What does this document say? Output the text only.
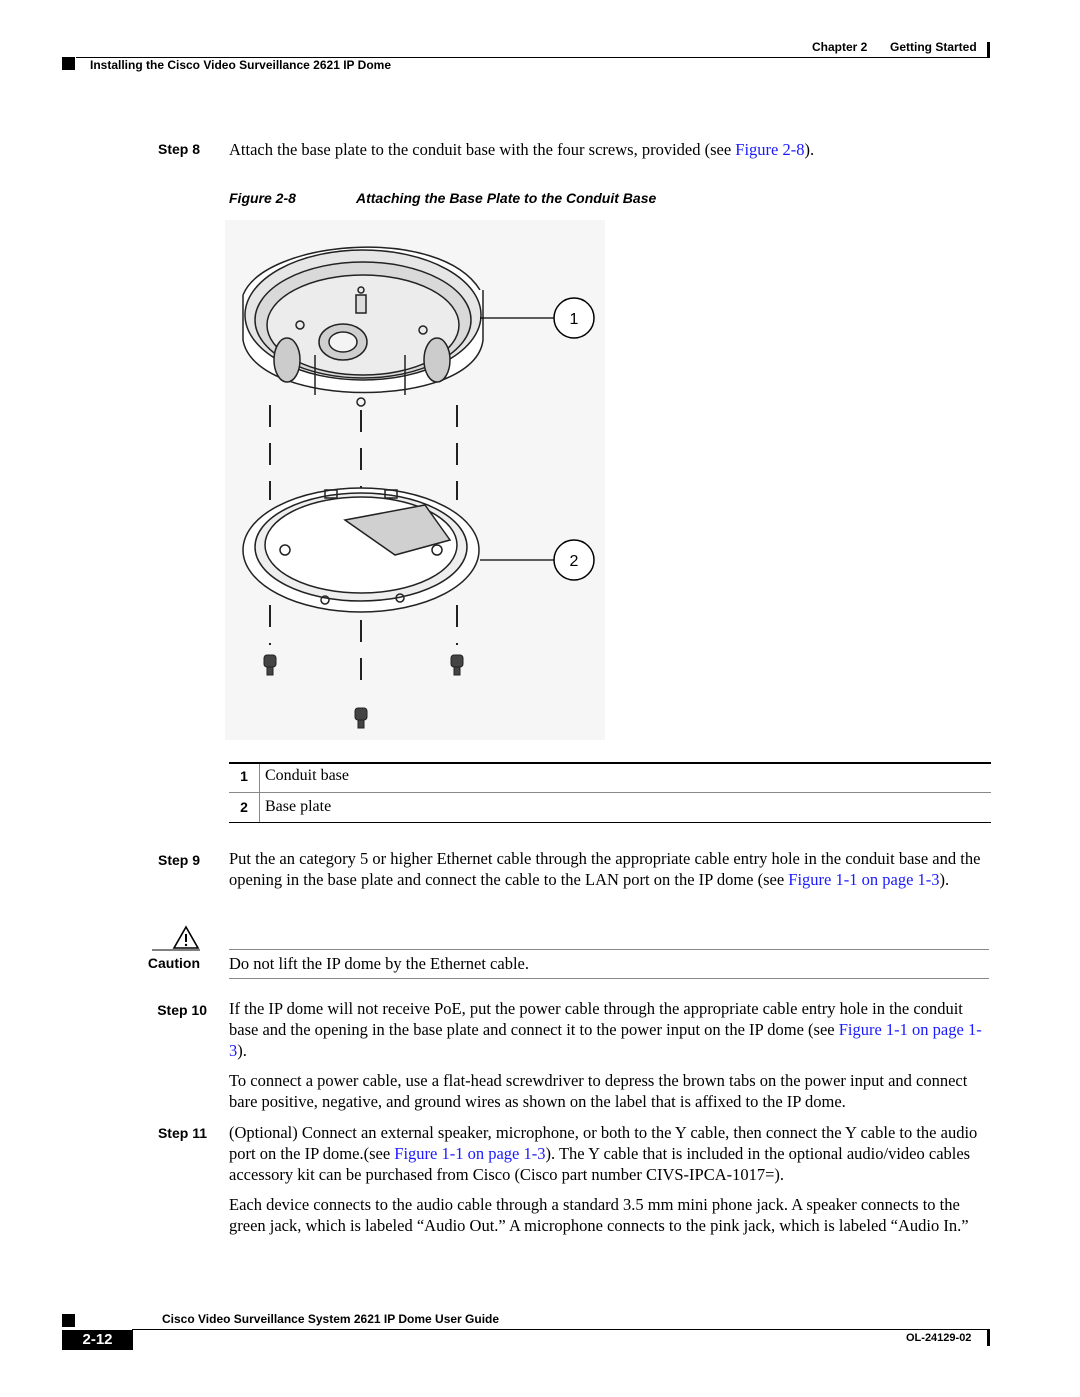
Chapter 2 Getting Started
Installing the Cisco Video Surveillance 2621 IP Dome
Step 8 Attach the base plate to the conduit base with the four screws, provided (see Figure 2-8).
Figure 2-8	Attaching the Base Plate to the Conduit Base
1
2
1	Conduit base
2	Base plate
Step 9 Put the an category 5 or higher Ethernet cable through the appropriate cable entry hole in the conduit base and the opening in the base plate and connect the cable to the LAN port on the IP dome (see Figure 1-1 on page 1-3).
Caution Do not lift the IP dome by the Ethernet cable.
Step 10 If the IP dome will not receive PoE, put the power cable through the appropriate cable entry hole in the conduit base and the opening in the base plate and connect it to the power input on the IP dome (see Figure 1-1 on page 1-3).
To connect a power cable, use a flat-head screwdriver to depress the brown tabs on the power input and connect bare positive, negative, and ground wires as shown on the label that is affixed to the IP dome.
Step 11 (Optional) Connect an external speaker, microphone, or both to the Y cable, then connect the Y cable to the audio port on the IP dome.(see Figure 1-1 on page 1-3). The Y cable that is included in the optional audio/video cables accessory kit can be purchased from Cisco (Cisco part number CIVS-IPCA-1017=).
Each device connects to the audio cable through a standard 3.5 mm mini phone jack. A speaker connects to the green jack, which is labeled “Audio Out.” A microphone connects to the pink jack, which is labeled “Audio In.”
Cisco Video Surveillance System 2621 IP Dome User Guide
2-12	OL-24129-02
